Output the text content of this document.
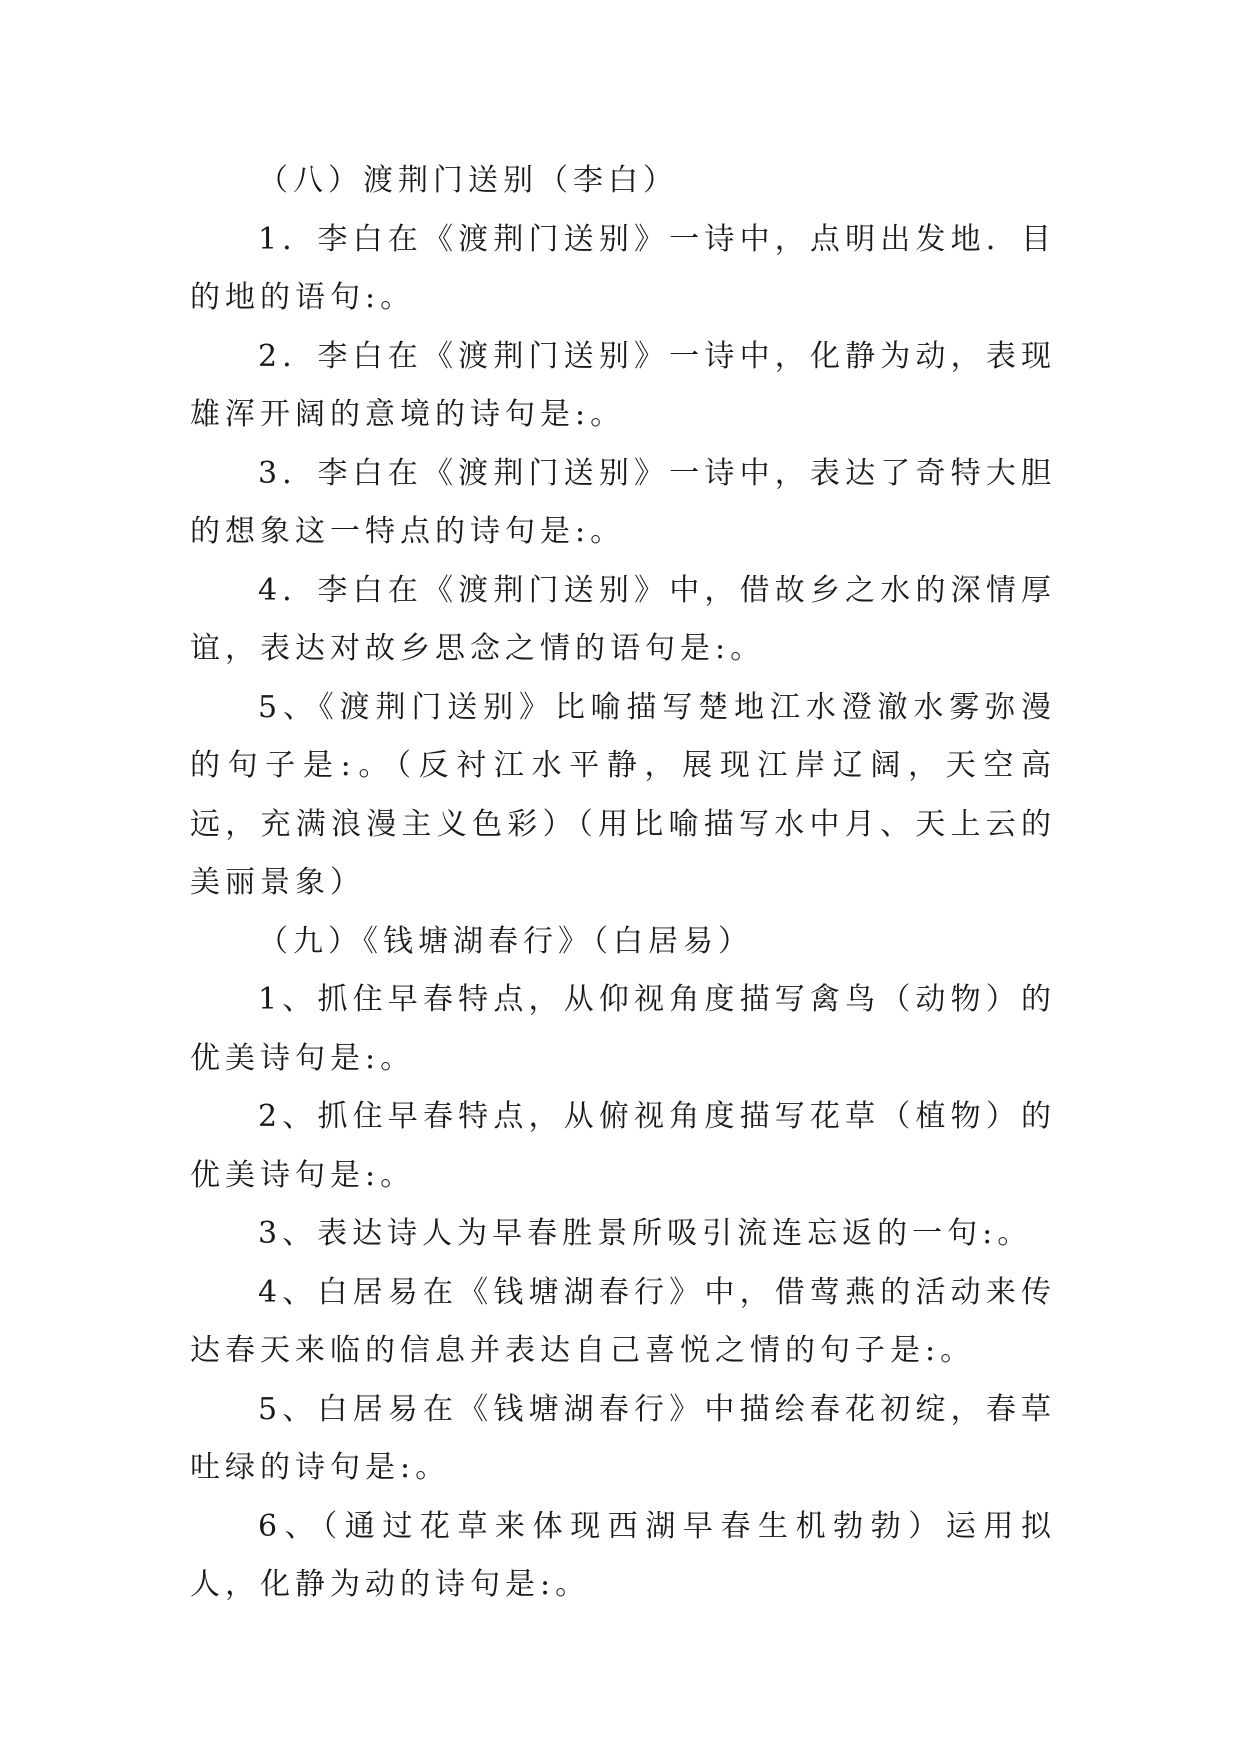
（八）渡荆门送别（李白）

1．李白在《渡荆门送别》一诗中，点明出发地．目的地的语句:。

2．李白在《渡荆门送别》一诗中，化静为动，表现雄浑开阔的意境的诗句是:。

3．李白在《渡荆门送别》一诗中，表达了奇特大胆的想象这一特点的诗句是:。

4．李白在《渡荆门送别》中，借故乡之水的深情厚谊，表达对故乡思念之情的语句是:。

5、《渡荆门送别》比喻描写楚地江水澄澈水雾弥漫的句子是:。（反衬江水平静，展现江岸辽阔，天空高远，充满浪漫主义色彩）（用比喻描写水中月、天上云的美丽景象）

（九）《钱塘湖春行》（白居易）

1、抓住早春特点，从仰视角度描写禽鸟（动物）的优美诗句是:。

2、抓住早春特点，从俯视角度描写花草（植物）的优美诗句是:。

3、表达诗人为早春胜景所吸引流连忘返的一句:。

4、白居易在《钱塘湖春行》中，借莺燕的活动来传达春天来临的信息并表达自己喜悦之情的句子是:。

5、白居易在《钱塘湖春行》中描绘春花初绽，春草吐绿的诗句是:。

6、（通过花草来体现西湖早春生机勃勃）运用拟人，化静为动的诗句是:。
